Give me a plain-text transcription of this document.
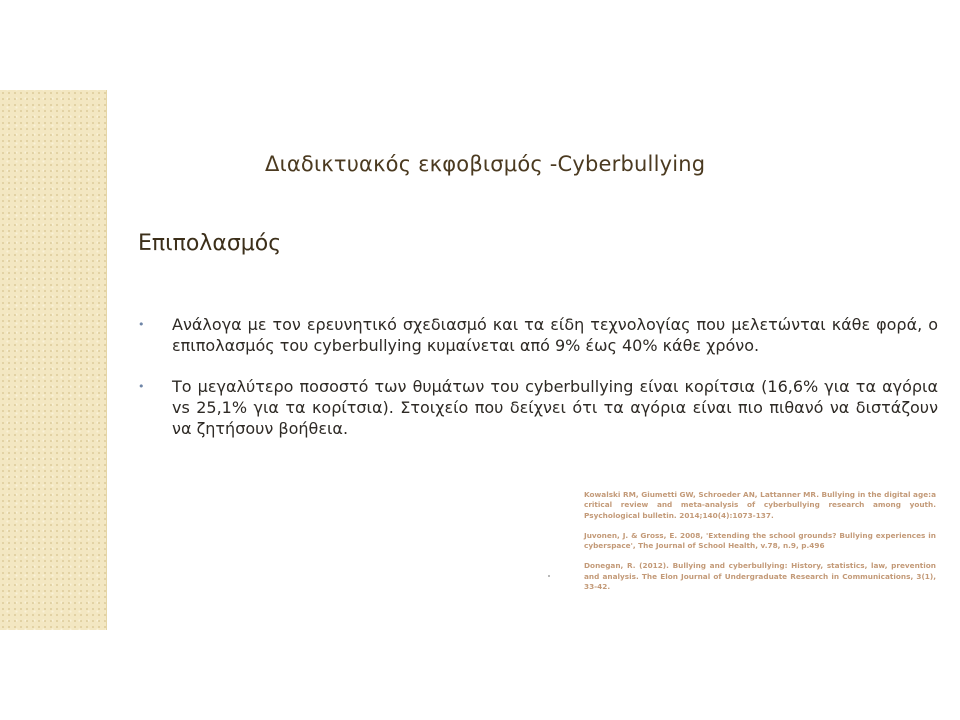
Διαδικτυακός εκφοβισμός -Cyberbullying
Επιπολασμός
•	Ανάλογα με τον ερευνητικό σχεδιασμό και τα είδη τεχνολογίας που μελετώνται κάθε φορά, ο επιπολασμός του cyberbullying κυμαίνεται από 9% έως 40% κάθε χρόνο.
•	Το μεγαλύτερο ποσοστό των θυμάτων του cyberbullying είναι κορίτσια (16,6% για τα αγόρια vs 25,1% για τα κορίτσια). Στοιχείο που δείχνει ότι τα αγόρια είναι πιο πιθανό να διστάζουν να ζητήσουν βοήθεια.

Kowalski RM, Giumetti GW, Schroeder AN, Lattanner MR. Bullying in the digital age:a critical review and meta-analysis of cyberbullying research among youth. Psychological bulletin. 2014;140(4):1073-137.

Juvonen, J. & Gross, E. 2008, 'Extending the school grounds? Bullying experiences in cyberspace', The Journal of School Health, v.78, n.9, p.496

Donegan, R. (2012). Bullying and cyberbullying: History, statistics, law, prevention and analysis. The Elon Journal of Undergraduate Research in Communications, 3(1), 33-42.
